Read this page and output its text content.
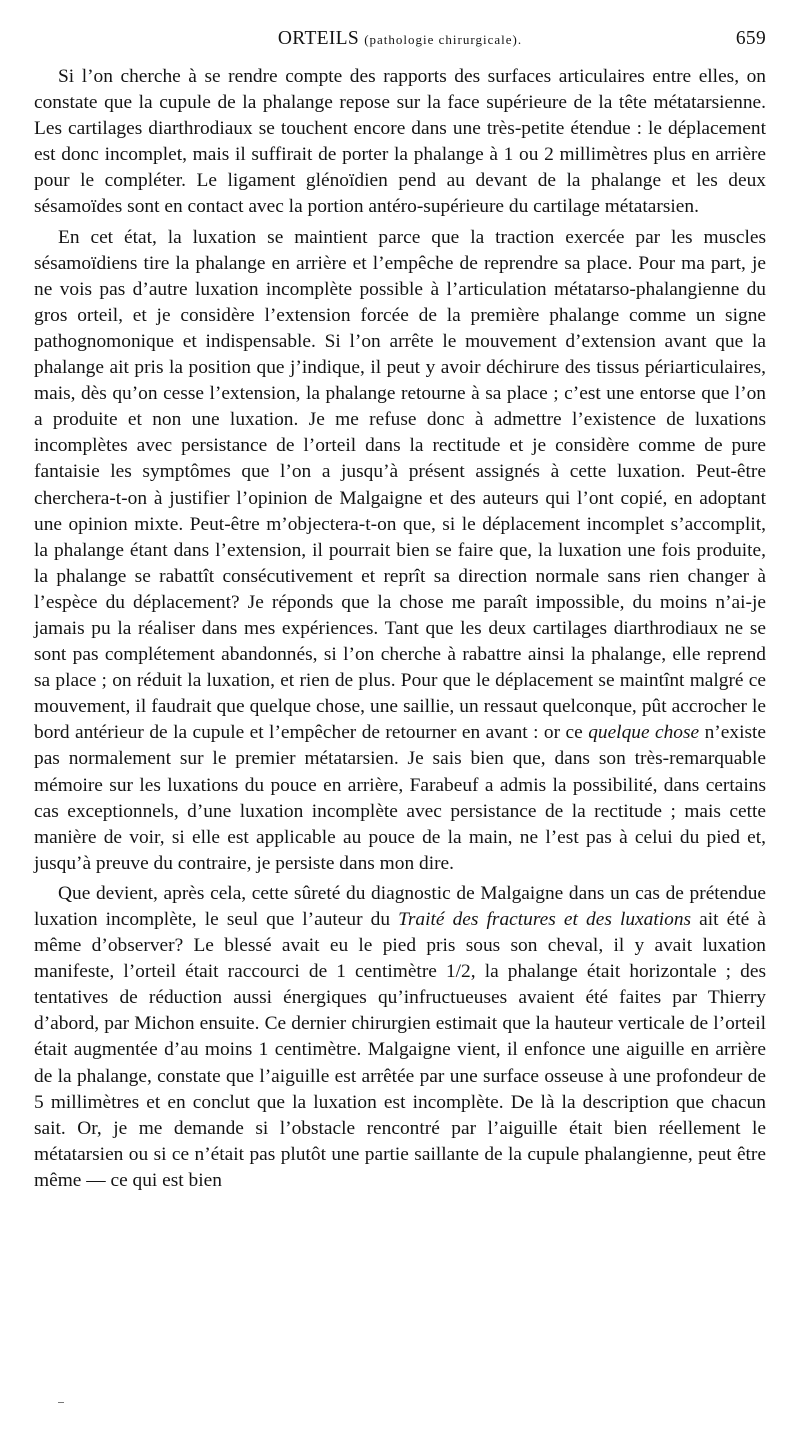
ORTEILS (pathologie chirurgicale).	659

Si l’on cherche à se rendre compte des rapports des surfaces articulaires entre elles, on constate que la cupule de la phalange repose sur la face supérieure de la tête métatarsienne. Les cartilages diarthrodiaux se touchent encore dans une très-petite étendue : le déplacement est donc incomplet, mais il suffirait de porter la phalange à 1 ou 2 millimètres plus en arrière pour le compléter. Le ligament glénoïdien pend au devant de la phalange et les deux sésamoïdes sont en contact avec la portion antéro-supérieure du cartilage métatarsien.

En cet état, la luxation se maintient parce que la traction exercée par les muscles sésamoïdiens tire la phalange en arrière et l’empêche de reprendre sa place. Pour ma part, je ne vois pas d’autre luxation incomplète possible à l’articulation métatarso-phalangienne du gros orteil, et je considère l’extension forcée de la première phalange comme un signe pathognomonique et indispensable. Si l’on arrête le mouvement d’extension avant que la phalange ait pris la position que j’indique, il peut y avoir déchirure des tissus périarticulaires, mais, dès qu’on cesse l’extension, la phalange retourne à sa place ; c’est une entorse que l’on a produite et non une luxation. Je me refuse donc à admettre l’existence de luxations incomplètes avec persistance de l’orteil dans la rectitude et je considère comme de pure fantaisie les symptômes que l’on a jusqu’à présent assignés à cette luxation. Peut-être cherchera-t-on à justifier l’opinion de Malgaigne et des auteurs qui l’ont copié, en adoptant une opinion mixte. Peut-être m’objectera-t-on que, si le déplacement incomplet s’accomplit, la phalange étant dans l’extension, il pourrait bien se faire que, la luxation une fois produite, la phalange se rabattît consécutivement et reprît sa direction normale sans rien changer à l’espèce du déplacement? Je réponds que la chose me paraît impossible, du moins n’ai-je jamais pu la réaliser dans mes expériences. Tant que les deux cartilages diarthrodiaux ne se sont pas complétement abandonnés, si l’on cherche à rabattre ainsi la phalange, elle reprend sa place ; on réduit la luxation, et rien de plus. Pour que le déplacement se maintînt malgré ce mouvement, il faudrait que quelque chose, une saillie, un ressaut quelconque, pût accrocher le bord antérieur de la cupule et l’empêcher de retourner en avant : or ce quelque chose n’existe pas normalement sur le premier métatarsien. Je sais bien que, dans son très-remarquable mémoire sur les luxations du pouce en arrière, Farabeuf a admis la possibilité, dans certains cas exceptionnels, d’une luxation incomplète avec persistance de la rectitude ; mais cette manière de voir, si elle est applicable au pouce de la main, ne l’est pas à celui du pied et, jusqu’à preuve du contraire, je persiste dans mon dire.

Que devient, après cela, cette sûreté du diagnostic de Malgaigne dans un cas de prétendue luxation incomplète, le seul que l’auteur du Traité des fractures et des luxations ait été à même d’observer? Le blessé avait eu le pied pris sous son cheval, il y avait luxation manifeste, l’orteil était raccourci de 1 centimètre 1/2, la phalange était horizontale ; des tentatives de réduction aussi énergiques qu’infructueuses avaient été faites par Thierry d’abord, par Michon ensuite. Ce dernier chirurgien estimait que la hauteur verticale de l’orteil était augmentée d’au moins 1 centimètre. Malgaigne vient, il enfonce une aiguille en arrière de la phalange, constate que l’aiguille est arrêtée par une surface osseuse à une profondeur de 5 millimètres et en conclut que la luxation est incomplète. De là la description que chacun sait. Or, je me demande si l’obstacle rencontré par l’aiguille était bien réellement le métatarsien ou si ce n’était pas plutôt une partie saillante de la cupule phalangienne, peut être même — ce qui est bien
